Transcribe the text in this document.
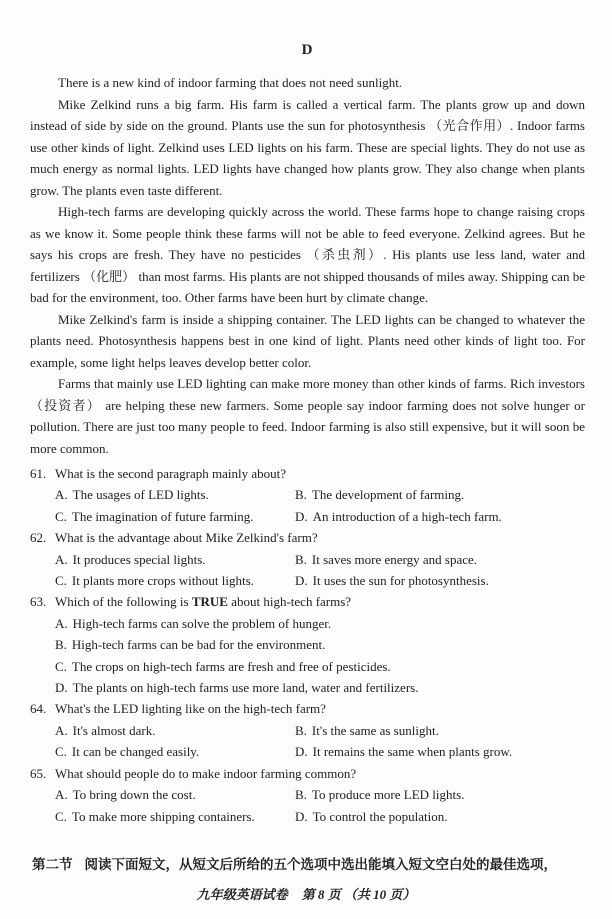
D

There is a new kind of indoor farming that does not need sunlight.

Mike Zelkind runs a big farm. His farm is called a vertical farm. The plants grow up and down instead of side by side on the ground. Plants use the sun for photosynthesis （光合作用）. Indoor farms use other kinds of light. Zelkind uses LED lights on his farm. These are special lights. They do not use as much energy as normal lights. LED lights have changed how plants grow. They also change when plants grow. The plants even taste different.

High-tech farms are developing quickly across the world. These farms hope to change raising crops as we know it. Some people think these farms will not be able to feed everyone. Zelkind agrees. But he says his crops are fresh. They have no pesticides （杀虫剂）. His plants use less land, water and fertilizers （化肥） than most farms. His plants are not shipped thousands of miles away. Shipping can be bad for the environment, too. Other farms have been hurt by climate change.

Mike Zelkind's farm is inside a shipping container. The LED lights can be changed to whatever the plants need. Photosynthesis happens best in one kind of light. Plants need other kinds of light too. For example, some light helps leaves develop better color.

Farms that mainly use LED lighting can make more money than other kinds of farms. Rich investors （投资者） are helping these new farmers. Some people say indoor farming does not solve hunger or pollution. There are just too many people to feed. Indoor farming is also still expensive, but it will soon be more common.

61. What is the second paragraph mainly about?
A. The usages of LED lights.	B. The development of farming.
C. The imagination of future farming.	D. An introduction of a high-tech farm.
62. What is the advantage about Mike Zelkind's farm?
A. It produces special lights.	B. It saves more energy and space.
C. It plants more crops without lights.	D. It uses the sun for photosynthesis.
63. Which of the following is TRUE about high-tech farms?
A. High-tech farms can solve the problem of hunger.
B. High-tech farms can be bad for the environment.
C. The crops on high-tech farms are fresh and free of pesticides.
D. The plants on high-tech farms use more land, water and fertilizers.
64. What's the LED lighting like on the high-tech farm?
A. It's almost dark.	B. It's the same as sunlight.
C. It can be changed easily.	D. It remains the same when plants grow.
65. What should people do to make indoor farming common?
A. To bring down the cost.	B. To produce more LED lights.
C. To make more shipping containers.	D. To control the population.
第二节 阅读下面短文，从短文后所给的五个选项中选出能填入短文空白处的最佳选项，
九年级英语试卷 第 8 页 （共 10 页）
